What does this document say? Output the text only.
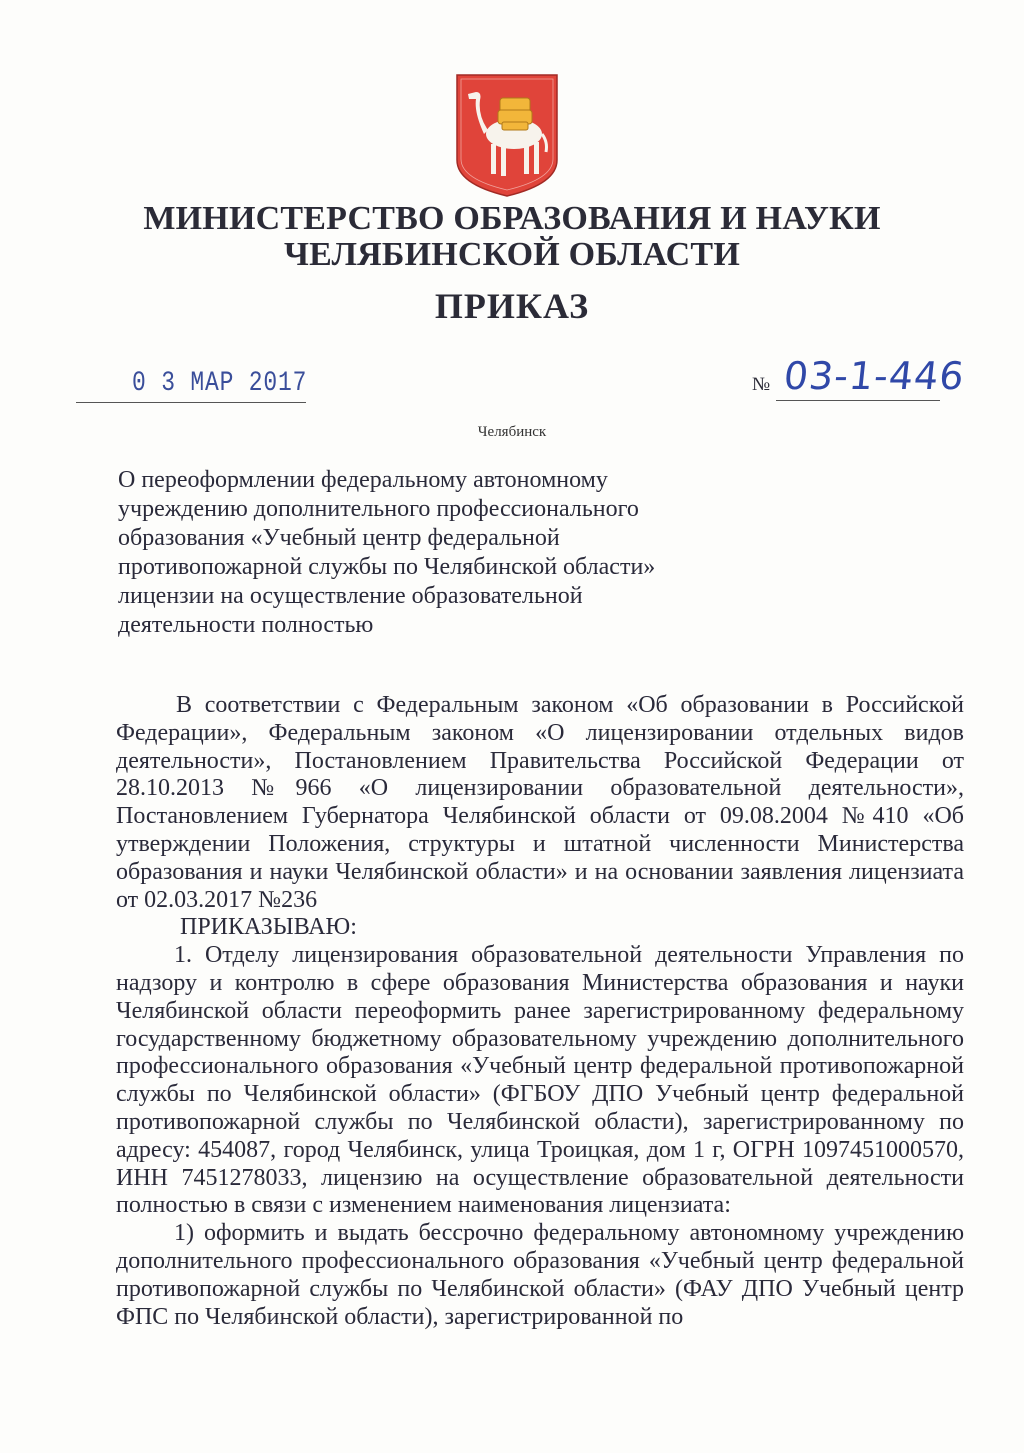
МИНИСТЕРСТВО ОБРАЗОВАНИЯ И НАУКИ
ЧЕЛЯБИНСКОЙ ОБЛАСТИ
ПРИКАЗ
0 3 МАР 2017	№ 03-1-446
Челябинск
О переоформлении федеральному автономному
учреждению дополнительного профессионального
образования «Учебный центр федеральной
противопожарной службы по Челябинской области»
лицензии на осуществление образовательной
деятельности полностью

В соответствии с Федеральным законом «Об образовании в Российской Федерации», Федеральным законом «О лицензировании отдельных видов деятельности», Постановлением Правительства Российской Федерации от 28.10.2013 №966 «О лицензировании образовательной деятельности», Постановлением Губернатора Челябинской области от 09.08.2004 №410 «Об утверждении Положения, структуры и штатной численности Министерства образования и науки Челябинской области» и на основании заявления лицензиата от 02.03.2017 №236

ПРИКАЗЫВАЮ:

1. Отделу лицензирования образовательной деятельности Управления по надзору и контролю в сфере образования Министерства образования и науки Челябинской области переоформить ранее зарегистрированному федеральному государственному бюджетному образовательному учреждению дополнительного профессионального образования «Учебный центр федеральной противопожарной службы по Челябинской области» (ФГБОУ ДПО Учебный центр федеральной противопожарной службы по Челябинской области), зарегистрированному по адресу: 454087, город Челябинск, улица Троицкая, дом 1 г, ОГРН 1097451000570, ИНН 7451278033, лицензию на осуществление образовательной деятельности полностью в связи с изменением наименования лицензиата:

1) оформить и выдать бессрочно федеральному автономному учреждению дополнительного профессионального образования «Учебный центр федеральной противопожарной службы по Челябинской области» (ФАУ ДПО Учебный центр ФПС по Челябинской области), зарегистрированной по
